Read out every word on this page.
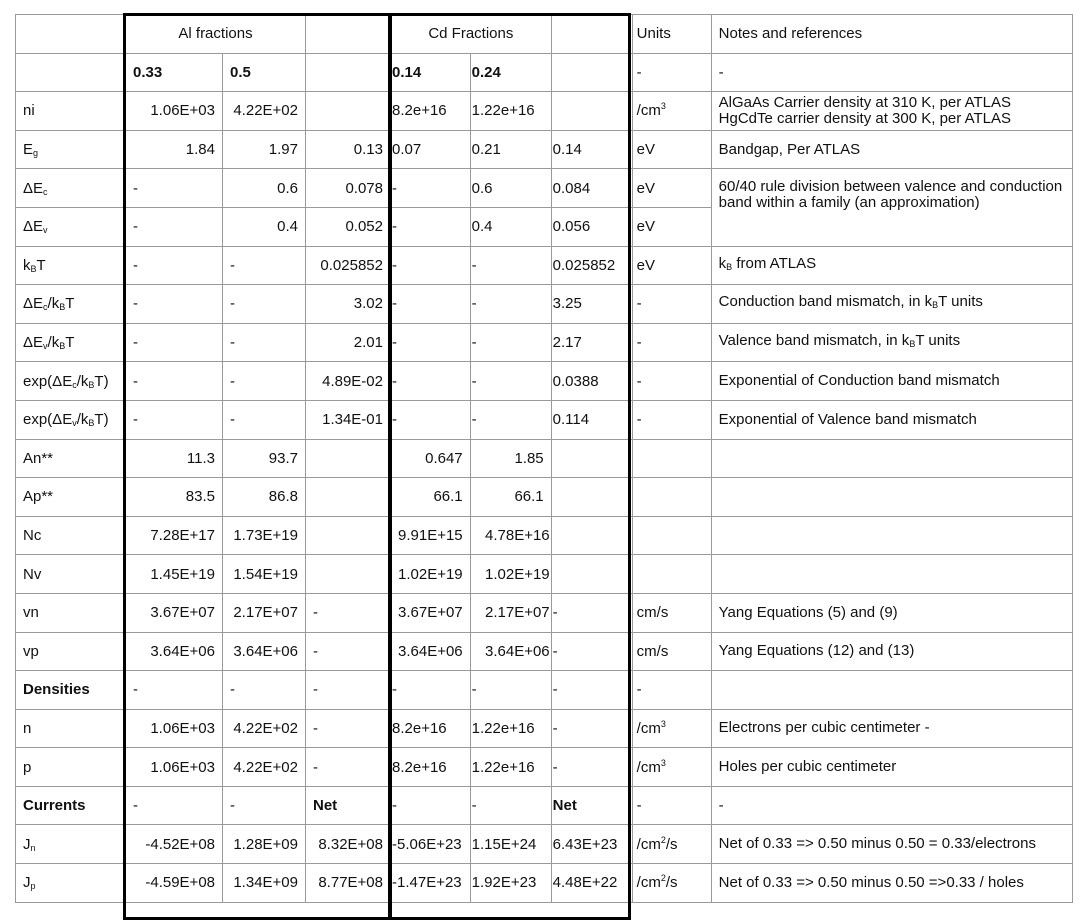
	Al fractions			Cd Fractions			Units	Notes and references
	0.33	0.5		0.14	0.24		-	-
ni	1.06E+03	4.22E+02		8.2e+16	1.22e+16		$/cm^3$	AlGaAs Carrier density at 310 K, per ATLAS
HgCdTe carrier density at 300 K, per ATLAS

$E_g$	1.84	1.97	0.13	0.07	0.21	0.14	eV	Bandgap, Per ATLAS
$\Delta E_c$	-	0.6	0.078	-	0.6	0.084	eV	60/40 rule division between valence and conduction band within a family (an approximation)
$\Delta E_v$	-	0.4	0.052	-	0.4	0.056	eV	
$k_BT$	-	-	0.025852	-	-	0.025852	eV	$k_B$ from ATLAS
$\Delta E_c/k_BT$	-	-	3.02	-	-	3.25	-	Conduction band mismatch, in $k_BT$ units
$\Delta E_v/k_BT$	-	-	2.01	-	-	2.17	-	Valence band mismatch, in $k_BT$ units
$\exp(\Delta E_c/k_BT)$	-	-	4.89E-02	-	-	0.0388	-	Exponential of Conduction band mismatch
$\exp(\Delta E_v/k_BT)$	-	-	1.34E-01	-	-	0.114	-	Exponential of Valence band mismatch
An**	11.3	93.7		0.647	1.85			
Ap**	83.5	86.8		66.1	66.1			
Nc	7.28E+17	1.73E+19		9.91E+15	4.78E+16			
Nv	1.45E+19	1.54E+19		1.02E+19	1.02E+19			
vn	3.67E+07	2.17E+07	-	3.67E+07	2.17E+07	-	cm/s	Yang Equations (5) and (9)
vp	3.64E+06	3.64E+06	-	3.64E+06	3.64E+06	-	cm/s	Yang Equations (12) and (13)
Densities	-	-	-	-	-	-	-	
n	1.06E+03	4.22E+02	-	8.2e+16	1.22e+16	-	$/cm^3$	Electrons per cubic centimeter -
p	1.06E+03	4.22E+02	-	8.2e+16	1.22e+16	-	$/cm^3$	Holes per cubic centimeter
Currents	-	-	Net	-	-	Net	-	-
$J_n$	-4.52E+08	1.28E+09	8.32E+08	-5.06E+23	1.15E+24	6.43E+23	$/cm^2/s$	Net of 0.33 => 0.50 minus 0.50 = 0.33/electrons
$J_p$	-4.59E+08	1.34E+09	8.77E+08	-1.47E+23	1.92E+23	4.48E+22	$/cm^2/s$	Net of 0.33 => 0.50 minus 0.50 =>0.33 / holes
